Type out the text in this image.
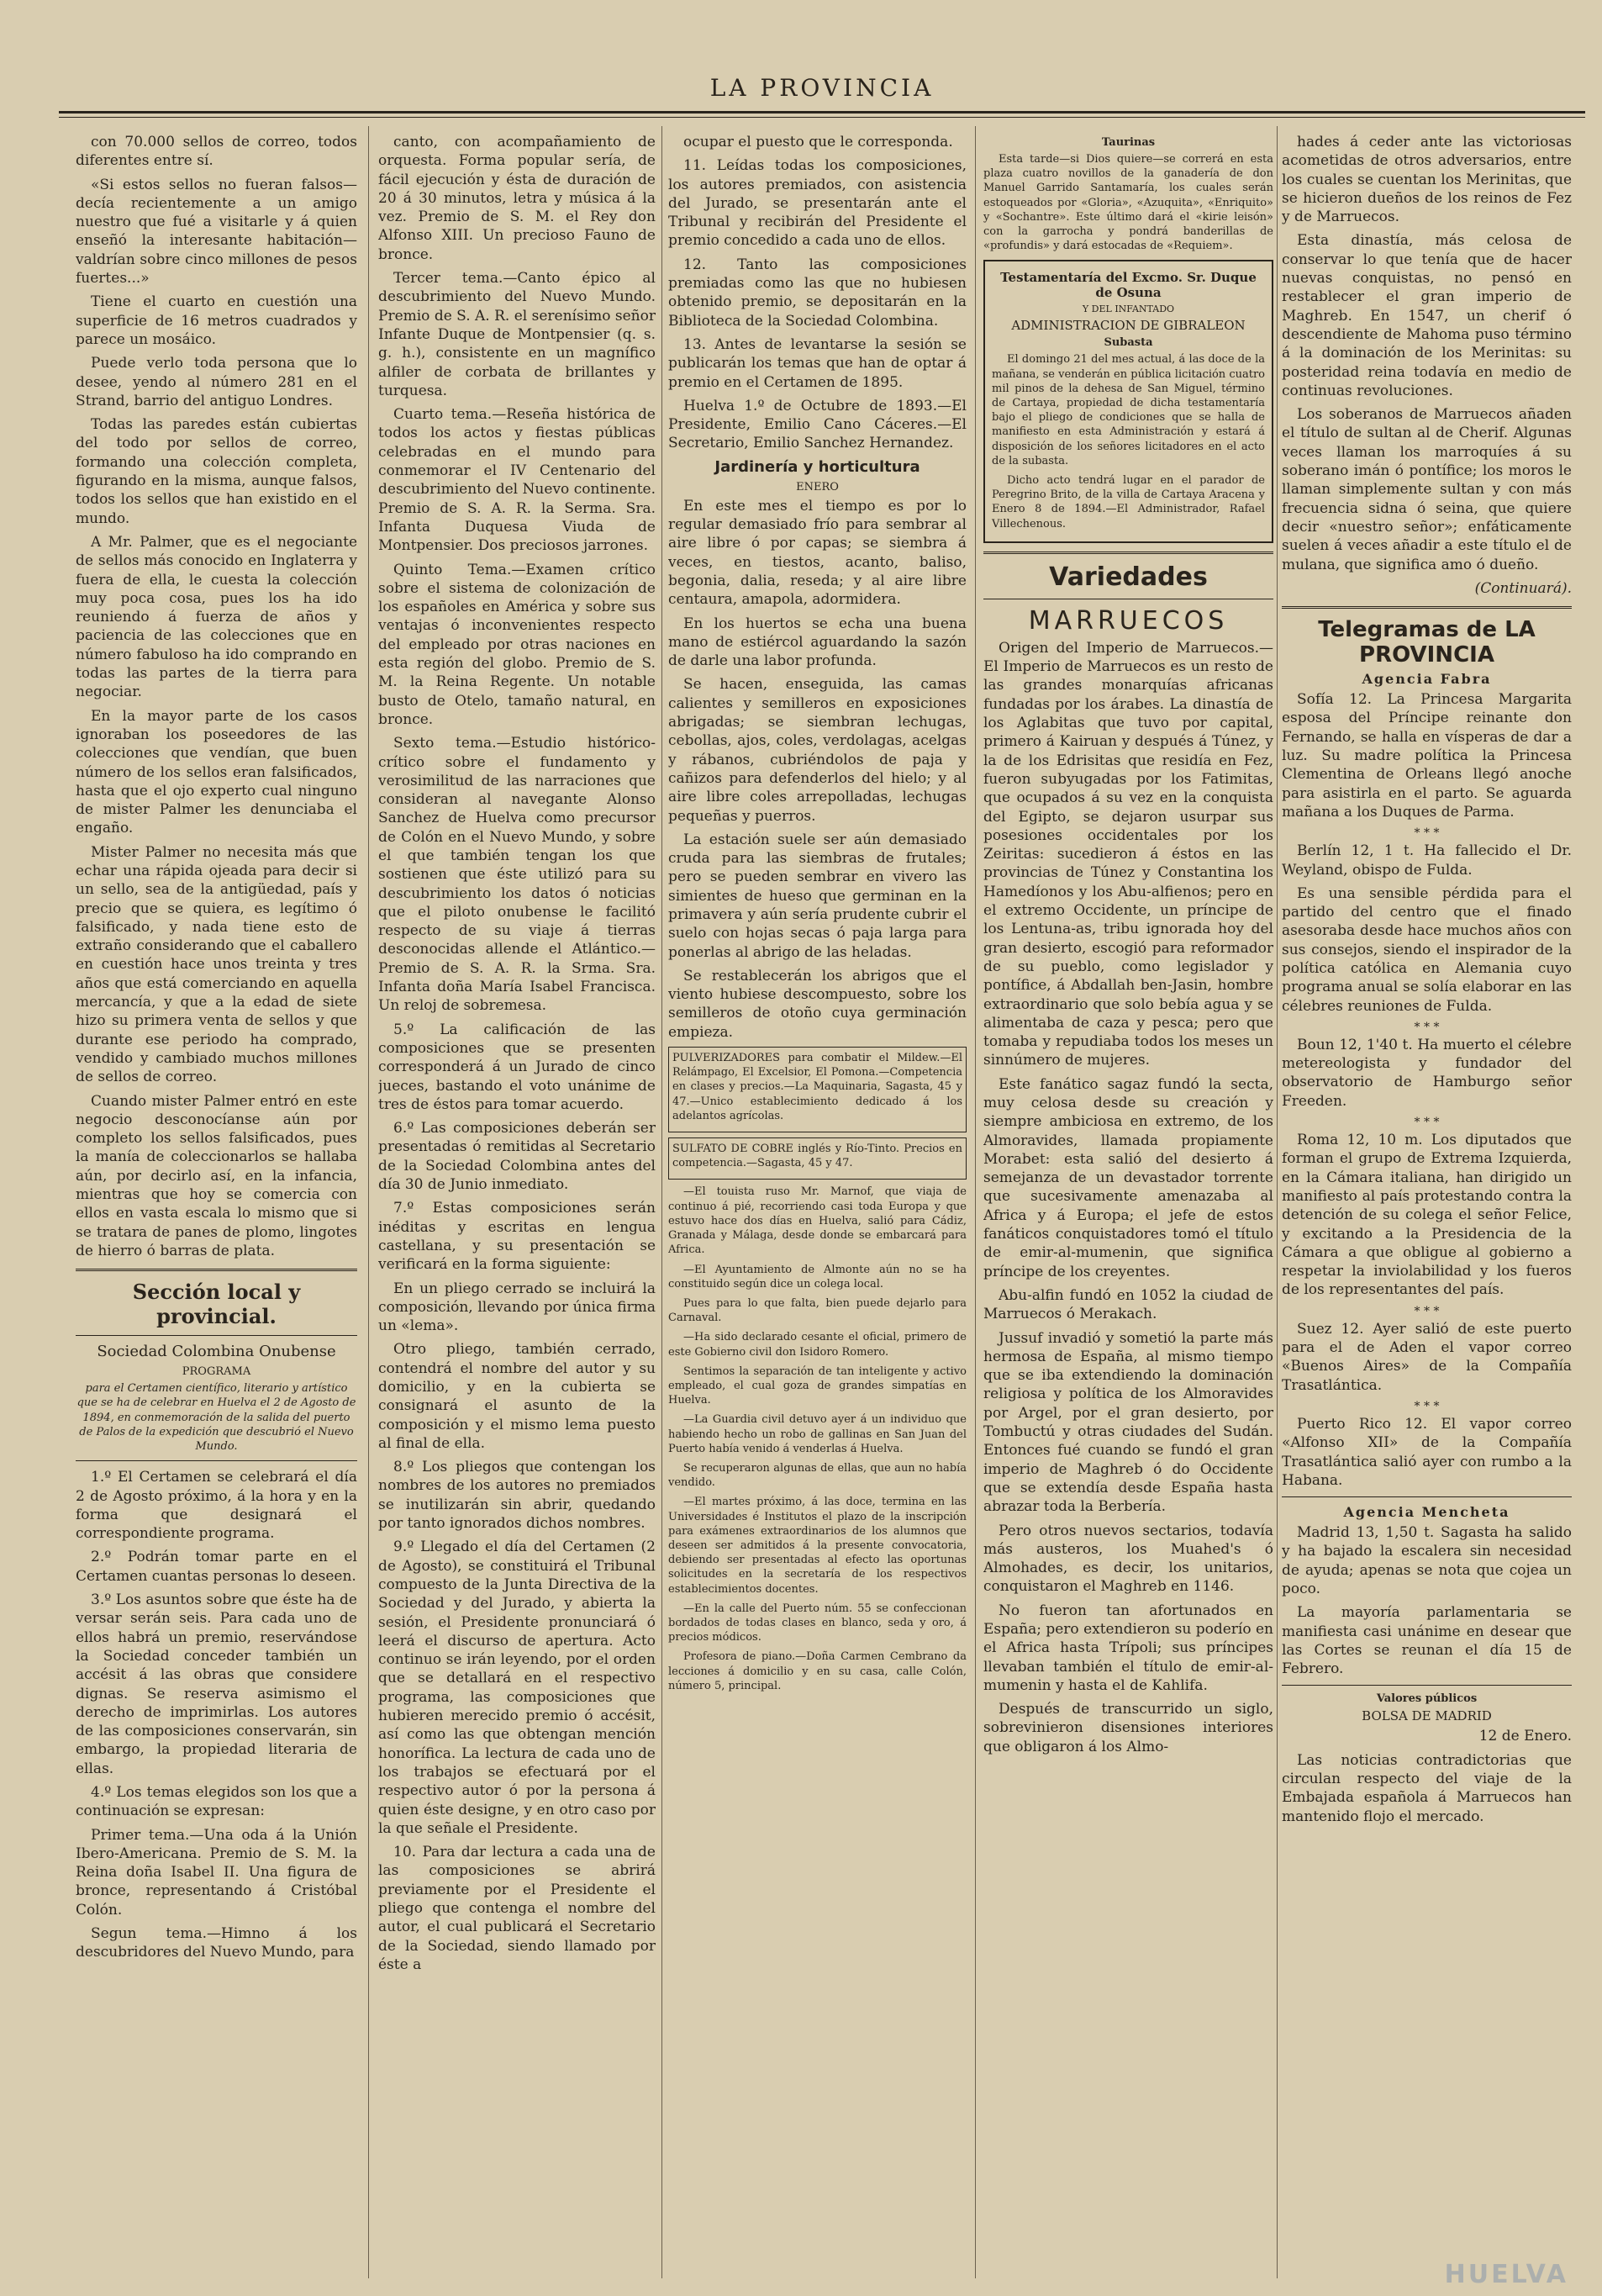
LA PROVINCIA

con 70.000 sellos de correo, todos diferentes entre sí.

«Si estos sellos no fueran falsos—decía recientemente a un amigo nuestro que fué a visitarle y á quien enseñó la interesante habitación—valdrían sobre cinco millones de pesos fuertes...»

Tiene el cuarto en cuestión una superficie de 16 metros cuadrados y parece un mosáico.

Puede verlo toda persona que lo desee, yendo al número 281 en el Strand, barrio del antiguo Londres.

Todas las paredes están cubiertas del todo por sellos de correo, formando una colección completa, figurando en la misma, aunque falsos, todos los sellos que han existido en el mundo.

A Mr. Palmer, que es el negociante de sellos más conocido en Inglaterra y fuera de ella, le cuesta la colección muy poca cosa, pues los ha ido reuniendo á fuerza de años y paciencia de las colecciones que en número fabuloso ha ido comprando en todas las partes de la tierra para negociar.

En la mayor parte de los casos ignoraban los poseedores de las colecciones que vendían, que buen número de los sellos eran falsificados, hasta que el ojo experto cual ninguno de mister Palmer les denunciaba el engaño.

Mister Palmer no necesita más que echar una rápida ojeada para decir si un sello, sea de la antigüedad, país y precio que se quiera, es legítimo ó falsificado, y nada tiene esto de extraño considerando que el caballero en cuestión hace unos treinta y tres años que está comerciando en aquella mercancía, y que a la edad de siete hizo su primera venta de sellos y que durante ese periodo ha comprado, vendido y cambiado muchos millones de sellos de correo.

Cuando mister Palmer entró en este negocio desconocíanse aún por completo los sellos falsificados, pues la manía de coleccionarlos se hallaba aún, por decirlo así, en la infancia, mientras que hoy se comercia con ellos en vasta escala lo mismo que si se tratara de panes de plomo, lingotes de hierro ó barras de plata.

Sección local y provincial.
Sociedad Colombina Onubense
PROGRAMA

para el Certamen científico, literario y artístico que se ha de celebrar en Huelva el 2 de Agosto de 1894, en conmemoración de la salida del puerto de Palos de la expedición que descubrió el Nuevo Mundo.

1.º El Certamen se celebrará el día 2 de Agosto próximo, á la hora y en la forma que designará el correspondiente programa.

2.º Podrán tomar parte en el Certamen cuantas personas lo deseen.

3.º Los asuntos sobre que éste ha de versar serán seis. Para cada uno de ellos habrá un premio, reservándose la Sociedad conceder también un accésit á las obras que considere dignas. Se reserva asimismo el derecho de imprimirlas. Los autores de las composiciones conservarán, sin embargo, la propiedad literaria de ellas.

4.º Los temas elegidos son los que a continuación se expresan:

Primer tema.—Una oda á la Unión Ibero-Americana. Premio de S. M. la Reina doña Isabel II. Una figura de bronce, representando á Cristóbal Colón.

Segun tema.—Himno á los descubridores del Nuevo Mundo, para

canto, con acompañamiento de orquesta. Forma popular sería, de fácil ejecución y ésta de duración de 20 á 30 minutos, letra y música á la vez. Premio de S. M. el Rey don Alfonso XIII. Un precioso Fauno de bronce.

Tercer tema.—Canto épico al descubrimiento del Nuevo Mundo. Premio de S. A. R. el serenísimo señor Infante Duque de Montpensier (q. s. g. h.), consistente en un magnífico alfiler de corbata de brillantes y turquesa.

Cuarto tema.—Reseña histórica de todos los actos y fiestas públicas celebradas en el mundo para conmemorar el IV Centenario del descubrimiento del Nuevo continente. Premio de S. A. R. la Serma. Sra. Infanta Duquesa Viuda de Montpensier. Dos preciosos jarrones.

Quinto Tema.—Examen crítico sobre el sistema de colonización de los españoles en América y sobre sus ventajas ó inconvenientes respecto del empleado por otras naciones en esta región del globo. Premio de S. M. la Reina Regente. Un notable busto de Otelo, tamaño natural, en bronce.

Sexto tema.—Estudio histórico-crítico sobre el fundamento y verosimilitud de las narraciones que consideran al navegante Alonso Sanchez de Huelva como precursor de Colón en el Nuevo Mundo, y sobre el que también tengan los que sostienen que éste utilizó para su descubrimiento los datos ó noticias que el piloto onubense le facilitó respecto de su viaje á tierras desconocidas allende el Atlántico.—Premio de S. A. R. la Srma. Sra. Infanta doña María Isabel Francisca. Un reloj de sobremesa.

5.º La calificación de las composiciones que se presenten corresponderá á un Jurado de cinco jueces, bastando el voto unánime de tres de éstos para tomar acuerdo.

6.º Las composiciones deberán ser presentadas ó remitidas al Secretario de la Sociedad Colombina antes del día 30 de Junio inmediato.

7.º Estas composiciones serán inéditas y escritas en lengua castellana, y su presentación se verificará en la forma siguiente:

En un pliego cerrado se incluirá la composición, llevando por única firma un «lema».

Otro pliego, también cerrado, contendrá el nombre del autor y su domicilio, y en la cubierta se consignará el asunto de la composición y el mismo lema puesto al final de ella.

8.º Los pliegos que contengan los nombres de los autores no premiados se inutilizarán sin abrir, quedando por tanto ignorados dichos nombres.

9.º Llegado el día del Certamen (2 de Agosto), se constituirá el Tribunal compuesto de la Junta Directiva de la Sociedad y del Jurado, y abierta la sesión, el Presidente pronunciará ó leerá el discurso de apertura. Acto continuo se irán leyendo, por el orden que se detallará en el respectivo programa, las composiciones que hubieren merecido premio ó accésit, así como las que obtengan mención honorífica. La lectura de cada uno de los trabajos se efectuará por el respectivo autor ó por la persona á quien éste designe, y en otro caso por la que señale el Presidente.

10. Para dar lectura a cada una de las composiciones se abrirá previamente por el Presidente el pliego que contenga el nombre del autor, el cual publicará el Secretario de la Sociedad, siendo llamado por éste a

ocupar el puesto que le corresponda.

11. Leídas todas los composiciones, los autores premiados, con asistencia del Jurado, se presentarán ante el Tribunal y recibirán del Presidente el premio concedido a cada uno de ellos.

12. Tanto las composiciones premiadas como las que no hubiesen obtenido premio, se depositarán en la Biblioteca de la Sociedad Colombina.

13. Antes de levantarse la sesión se publicarán los temas que han de optar á premio en el Certamen de 1895.

Huelva 1.º de Octubre de 1893.—El Presidente, Emilio Cano Cáceres.—El Secretario, Emilio Sanchez Hernandez.

Jardinería y horticultura
ENERO

En este mes el tiempo es por lo regular demasiado frío para sembrar al aire libre ó por capas; se siembra á veces, en tiestos, acanto, baliso, begonia, dalia, reseda; y al aire libre centaura, amapola, adormidera.

En los huertos se echa una buena mano de estiércol aguardando la sazón de darle una labor profunda.

Se hacen, enseguida, las camas calientes y semilleros en exposiciones abrigadas; se siembran lechugas, cebollas, ajos, coles, verdolagas, acelgas y rábanos, cubriéndolos de paja y cañizos para defenderlos del hielo; y al aire libre coles arrepolladas, lechugas pequeñas y puerros.

La estación suele ser aún demasiado cruda para las siembras de frutales; pero se pueden sembrar en vivero las simientes de hueso que germinan en la primavera y aún sería prudente cubrir el suelo con hojas secas ó paja larga para ponerlas al abrigo de las heladas.

Se restablecerán los abrigos que el viento hubiese descompuesto, sobre los semilleros de otoño cuya germinación empieza.

PULVERIZADORES para combatir el Mildew.—El Relámpago, El Excelsior, El Pomona.—Competencia en clases y precios.—La Maquinaria, Sagasta, 45 y 47.—Unico establecimiento dedicado á los adelantos agrícolas.

SULFATO DE COBRE inglés y Río-Tinto. Precios en competencia.—Sagasta, 45 y 47.

—El touista ruso Mr. Marnof, que viaja de continuo á pié, recorriendo casi toda Europa y que estuvo hace dos días en Huelva, salió para Cádiz, Granada y Málaga, desde donde se embarcará para Africa.

—El Ayuntamiento de Almonte aún no se ha constituido según dice un colega local.

Pues para lo que falta, bien puede dejarlo para Carnaval.

—Ha sido declarado cesante el oficial, primero de este Gobierno civil don Isidoro Romero.

Sentimos la separación de tan inteligente y activo empleado, el cual goza de grandes simpatías en Huelva.

—La Guardia civil detuvo ayer á un individuo que habiendo hecho un robo de gallinas en San Juan del Puerto había venido á venderlas á Huelva.

Se recuperaron algunas de ellas, que aun no había vendido.

—El martes próximo, á las doce, termina en las Universidades é Institutos el plazo de la inscripción para exámenes extraordinarios de los alumnos que deseen ser admitidos á la presente convocatoria, debiendo ser presentadas al efecto las oportunas solicitudes en la secretaría de los respectivos establecimientos docentes.

—En la calle del Puerto núm. 55 se confeccionan bordados de todas clases en blanco, seda y oro, á precios módicos.

Profesora de piano.—Doña Carmen Cembrano da lecciones á domicilio y en su casa, calle Colón, número 5, principal.

Taurinas

Esta tarde—si Dios quiere—se correrá en esta plaza cuatro novillos de la ganadería de don Manuel Garrido Santamaría, los cuales serán estoqueados por «Gloria», «Azuquita», «Enriquito» y «Sochantre». Este último dará el «kirie leisón» con la garrocha y pondrá banderillas de «profundis» y dará estocadas de «Requiem».

Testamentaría del Excmo. Sr. Duque de Osuna
Y DEL INFANTADO
ADMINISTRACION DE GIBRALEON
Subasta

El domingo 21 del mes actual, á las doce de la mañana, se venderán en pública licitación cuatro mil pinos de la dehesa de San Miguel, término de Cartaya, propiedad de dicha testamentaría bajo el pliego de condiciones que se halla de manifiesto en esta Administración y estará á disposición de los señores licitadores en el acto de la subasta.

Dicho acto tendrá lugar en el parador de Peregrino Brito, de la villa de Cartaya Aracena y Enero 8 de 1894.—El Administrador, Rafael Villechenous.

Variedades
MARRUECOS

Origen del Imperio de Marruecos.—El Imperio de Marruecos es un resto de las grandes monarquías africanas fundadas por los árabes. La dinastía de los Aglabitas que tuvo por capital, primero á Kairuan y después á Túnez, y la de los Edrisitas que residía en Fez, fueron subyugadas por los Fatimitas, que ocupados á su vez en la conquista del Egipto, se dejaron usurpar sus posesiones occidentales por los Zeiritas: sucedieron á éstos en las provincias de Túnez y Constantina los Hamedíonos y los Abu-alfienos; pero en el extremo Occidente, un príncipe de los Lentuna-as, tribu ignorada hoy del gran desierto, escogió para reformador de su pueblo, como legislador y pontífice, á Abdallah ben-Jasin, hombre extraordinario que solo bebía agua y se alimentaba de caza y pesca; pero que tomaba y repudiaba todos los meses un sinnúmero de mujeres.

Este fanático sagaz fundó la secta, muy celosa desde su creación y siempre ambiciosa en extremo, de los Almoravides, llamada propiamente Morabet: esta salió del desierto á semejanza de un devastador torrente que sucesivamente amenazaba al Africa y á Europa; el jefe de estos fanáticos conquistadores tomó el título de emir-al-mumenin, que significa príncipe de los creyentes.

Abu-alfin fundó en 1052 la ciudad de Marruecos ó Merakach.

Jussuf invadió y sometió la parte más hermosa de España, al mismo tiempo que se iba extendiendo la dominación religiosa y política de los Almoravides por Argel, por el gran desierto, por Tombuctú y otras ciudades del Sudán. Entonces fué cuando se fundó el gran imperio de Maghreb ó do Occidente que se extendía desde España hasta abrazar toda la Berbería.

Pero otros nuevos sectarios, todavía más austeros, los Muahed's ó Almohades, es decir, los unitarios, conquistaron el Maghreb en 1146.

No fueron tan afortunados en España; pero extendieron su poderío en el Africa hasta Trípoli; sus príncipes llevaban también el título de emir-al-mumenin y hasta el de Kahlifa.

Después de transcurrido un siglo, sobrevinieron disensiones interiores que obligaron á los Almo-

hades á ceder ante las victoriosas acometidas de otros adversarios, entre los cuales se cuentan los Merinitas, que se hicieron dueños de los reinos de Fez y de Marruecos.

Esta dinastía, más celosa de conservar lo que tenía que de hacer nuevas conquistas, no pensó en restablecer el gran imperio de Maghreb. En 1547, un cherif ó descendiente de Mahoma puso término á la dominación de los Merinitas: su posteridad reina todavía en medio de continuas revoluciones.

Los soberanos de Marruecos añaden el título de sultan al de Cherif. Algunas veces llaman los marroquíes á su soberano imán ó pontífice; los moros le llaman simplemente sultan y con más frecuencia sidna ó seina, que quiere decir «nuestro señor»; enfáticamente suelen á veces añadir a este título el de mulana, que significa amo ó dueño.

(Continuará).

Telegramas de LA PROVINCIA
Agencia Fabra

Sofía 12. La Princesa Margarita esposa del Príncipe reinante don Fernando, se halla en vísperas de dar a luz. Su madre política la Princesa Clementina de Orleans llegó anoche para asistirla en el parto. Se aguarda mañana a los Duques de Parma.

* * *

Berlín 12, 1 t. Ha fallecido el Dr. Weyland, obispo de Fulda.

Es una sensible pérdida para el partido del centro que el finado asesoraba desde hace muchos años con sus consejos, siendo el inspirador de la política católica en Alemania cuyo programa anual se solía elaborar en las célebres reuniones de Fulda.

* * *

Boun 12, 1'40 t. Ha muerto el célebre metereologista y fundador del observatorio de Hamburgo señor Freeden.

* * *

Roma 12, 10 m. Los diputados que forman el grupo de Extrema Izquierda, en la Cámara italiana, han dirigido un manifiesto al país protestando contra la detención de su colega el señor Felice, y excitando a la Presidencia de la Cámara a que obligue al gobierno a respetar la inviolabilidad y los fueros de los representantes del país.

* * *

Suez 12. Ayer salió de este puerto para el de Aden el vapor correo «Buenos Aires» de la Compañía Trasatlántica.

* * *

Puerto Rico 12. El vapor correo «Alfonso XII» de la Compañía Trasatlántica salió ayer con rumbo a la Habana.

Agencia Mencheta

Madrid 13, 1,50 t. Sagasta ha salido y ha bajado la escalera sin necesidad de ayuda; apenas se nota que cojea un poco.

La mayoría parlamentaria se manifiesta casi unánime en desear que las Cortes se reunan el día 15 de Febrero.

Valores públicos
BOLSA DE MADRID

12 de Enero.

Las noticias contradictorias que circulan respecto del viaje de la Embajada española á Marruecos han mantenido flojo el mercado.

HUELVA
